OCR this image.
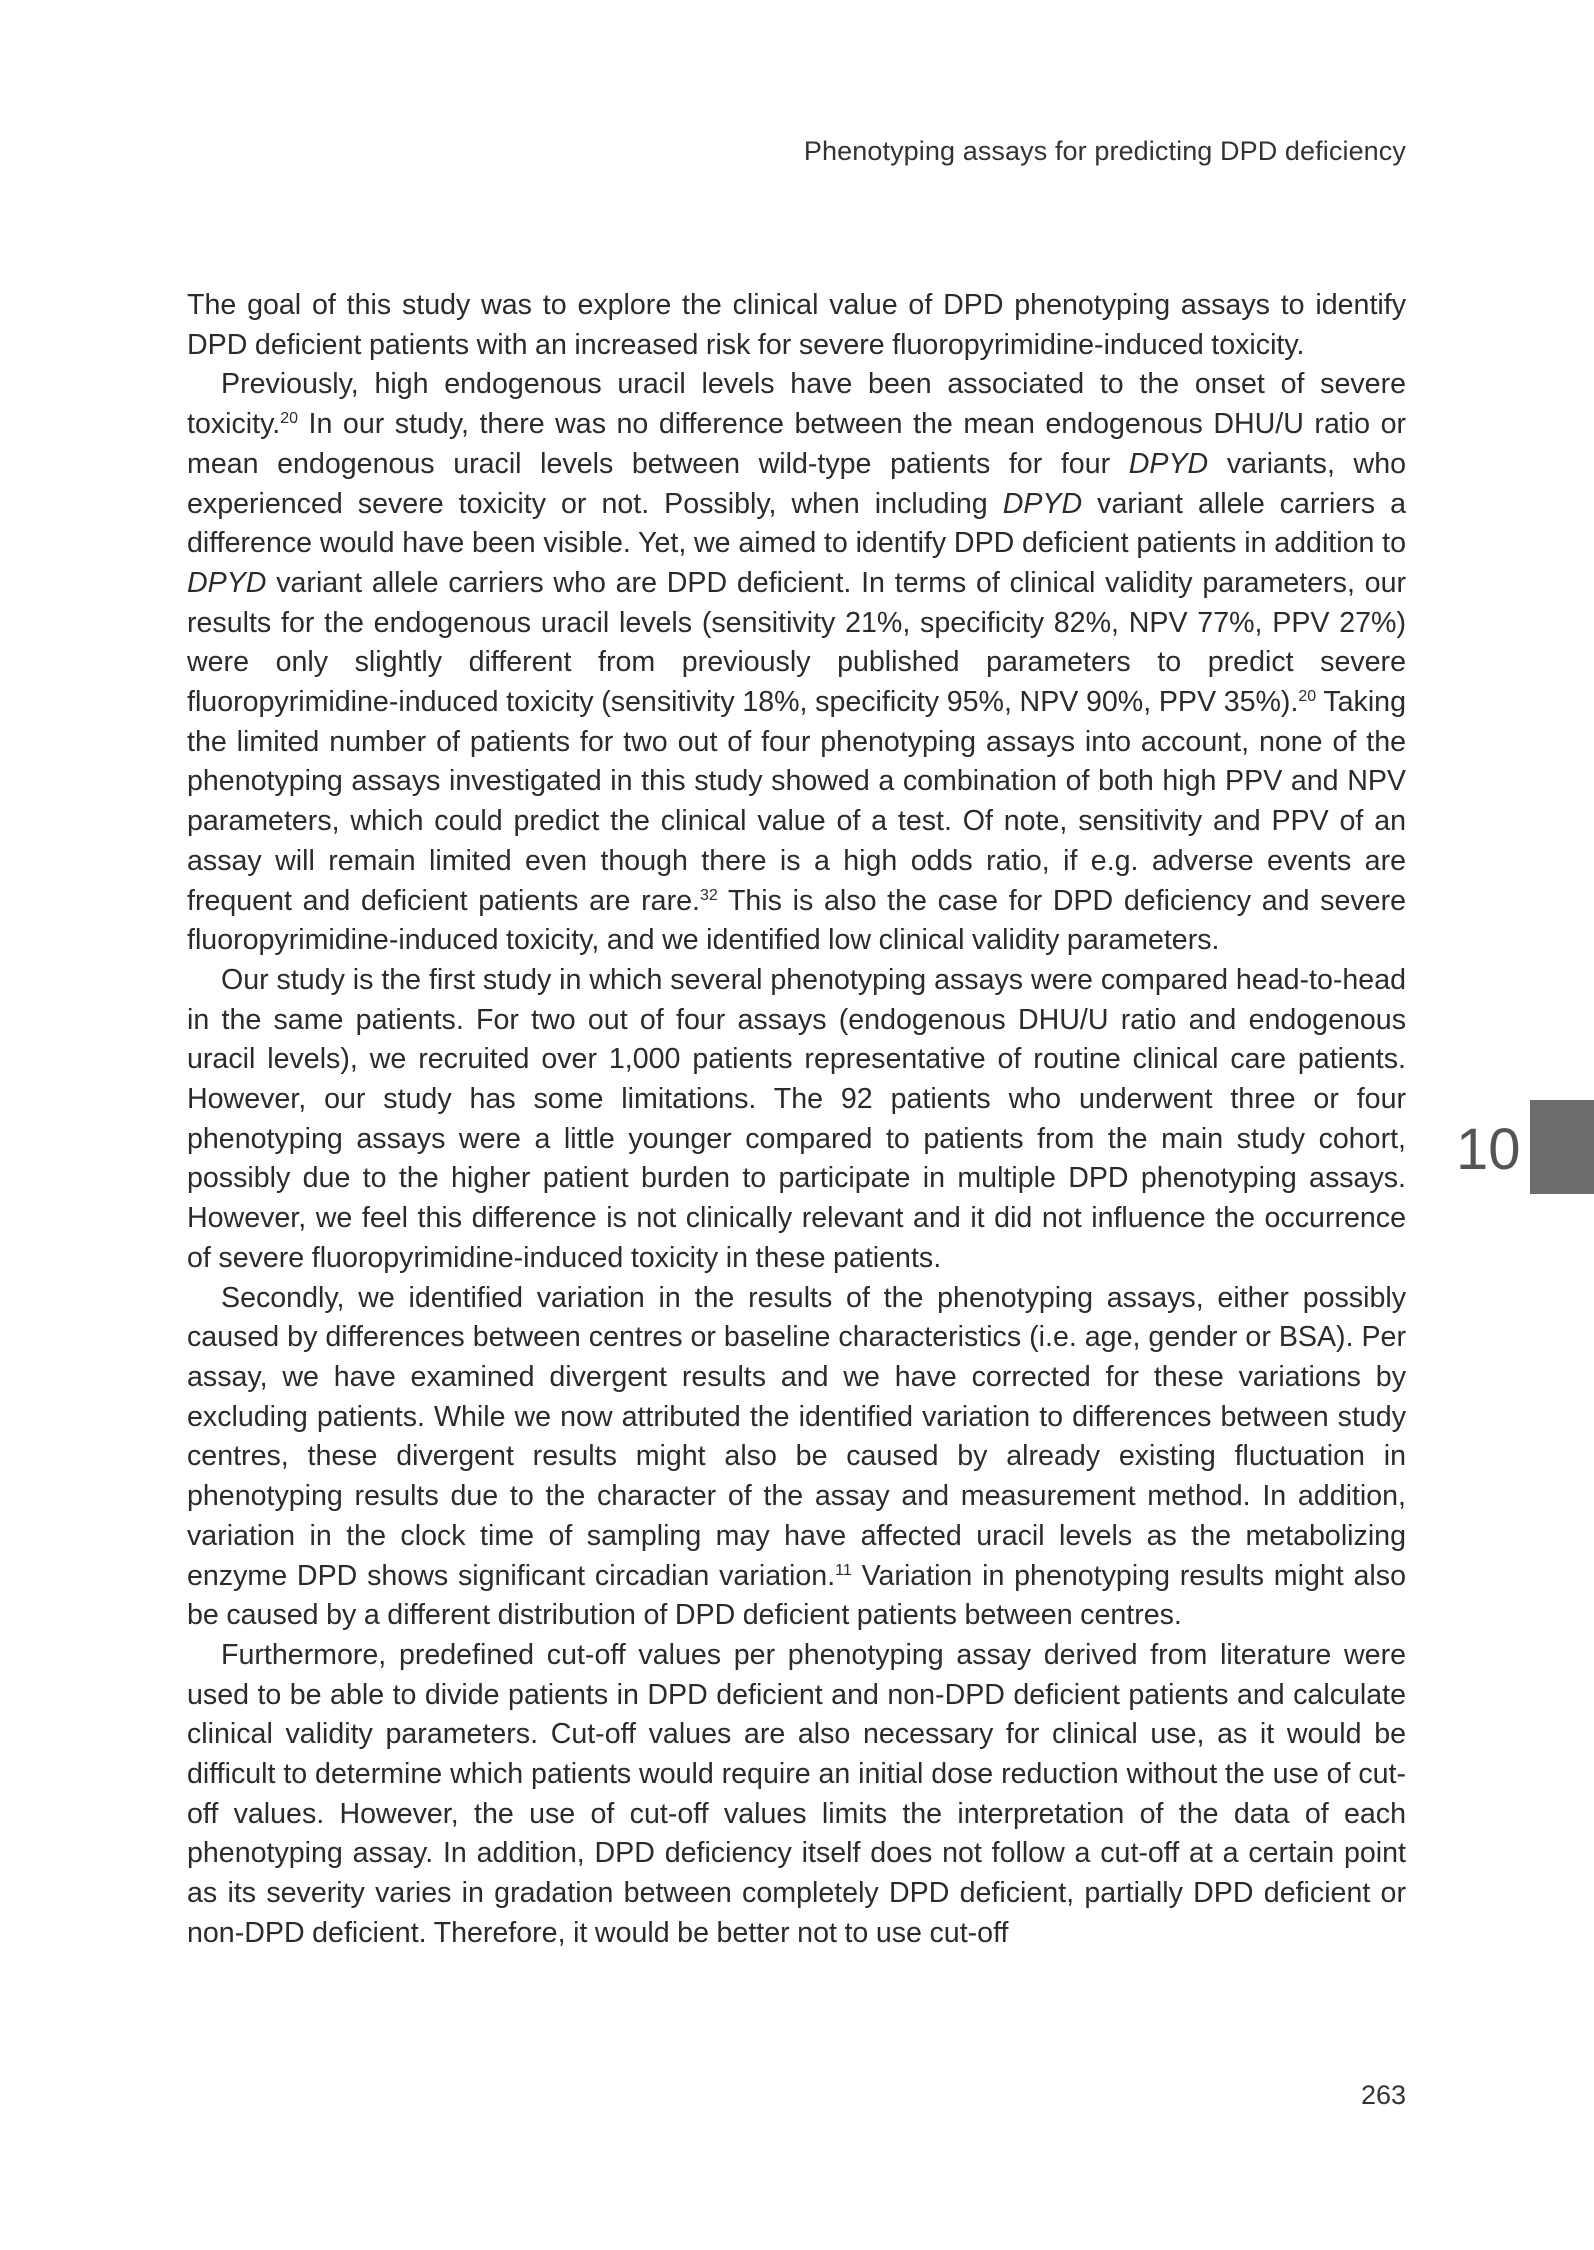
Phenotyping assays for predicting DPD deficiency

The goal of this study was to explore the clinical value of DPD phenotyping assays to identify DPD deficient patients with an increased risk for severe fluoropyrimidine-induced toxicity.

Previously, high endogenous uracil levels have been associated to the onset of severe toxicity.$^{20}$ In our study, there was no difference between the mean endogenous DHU/U ratio or mean endogenous uracil levels between wild-type patients for four DPYD variants, who experienced severe toxicity or not. Possibly, when including DPYD variant allele carriers a difference would have been visible. Yet, we aimed to identify DPD deficient patients in addition to DPYD variant allele carriers who are DPD deficient. In terms of clinical validity parameters, our results for the endogenous uracil levels (sensitivity 21%, specificity 82%, NPV 77%, PPV 27%) were only slightly different from previously published parameters to predict severe fluoropyrimidine-induced toxicity (sensitivity 18%, specificity 95%, NPV 90%, PPV 35%).$^{20}$ Taking the limited number of patients for two out of four phenotyping assays into account, none of the phenotyping assays investigated in this study showed a combination of both high PPV and NPV parameters, which could predict the clinical value of a test. Of note, sensitivity and PPV of an assay will remain limited even though there is a high odds ratio, if e.g. adverse events are frequent and deficient patients are rare.$^{32}$ This is also the case for DPD deficiency and severe fluoropyrimidine-induced toxicity, and we identified low clinical validity parameters.

Our study is the first study in which several phenotyping assays were compared head-to-head in the same patients. For two out of four assays (endogenous DHU/U ratio and endogenous uracil levels), we recruited over 1,000 patients representative of routine clinical care patients. However, our study has some limitations. The 92 patients who underwent three or four phenotyping assays were a little younger compared to patients from the main study cohort, possibly due to the higher patient burden to participate in multiple DPD phenotyping assays. However, we feel this difference is not clinically relevant and it did not influence the occurrence of severe fluoropyrimidine-induced toxicity in these patients.

Secondly, we identified variation in the results of the phenotyping assays, either possibly caused by differences between centres or baseline characteristics (i.e. age, gender or BSA). Per assay, we have examined divergent results and we have corrected for these variations by excluding patients. While we now attributed the identified variation to differences between study centres, these divergent results might also be caused by already existing fluctuation in phenotyping results due to the character of the assay and measurement method. In addition, variation in the clock time of sampling may have affected uracil levels as the metabolizing enzyme DPD shows significant circadian variation.$^{11}$ Variation in phenotyping results might also be caused by a different distribution of DPD deficient patients between centres.

Furthermore, predefined cut-off values per phenotyping assay derived from literature were used to be able to divide patients in DPD deficient and non-DPD deficient patients and calculate clinical validity parameters. Cut-off values are also necessary for clinical use, as it would be difficult to determine which patients would require an initial dose reduction without the use of cut-off values. However, the use of cut-off values limits the interpretation of the data of each phenotyping assay. In addition, DPD deficiency itself does not follow a cut-off at a certain point as its severity varies in gradation between completely DPD deficient, partially DPD deficient or non-DPD deficient. Therefore, it would be better not to use cut-off

10
263
